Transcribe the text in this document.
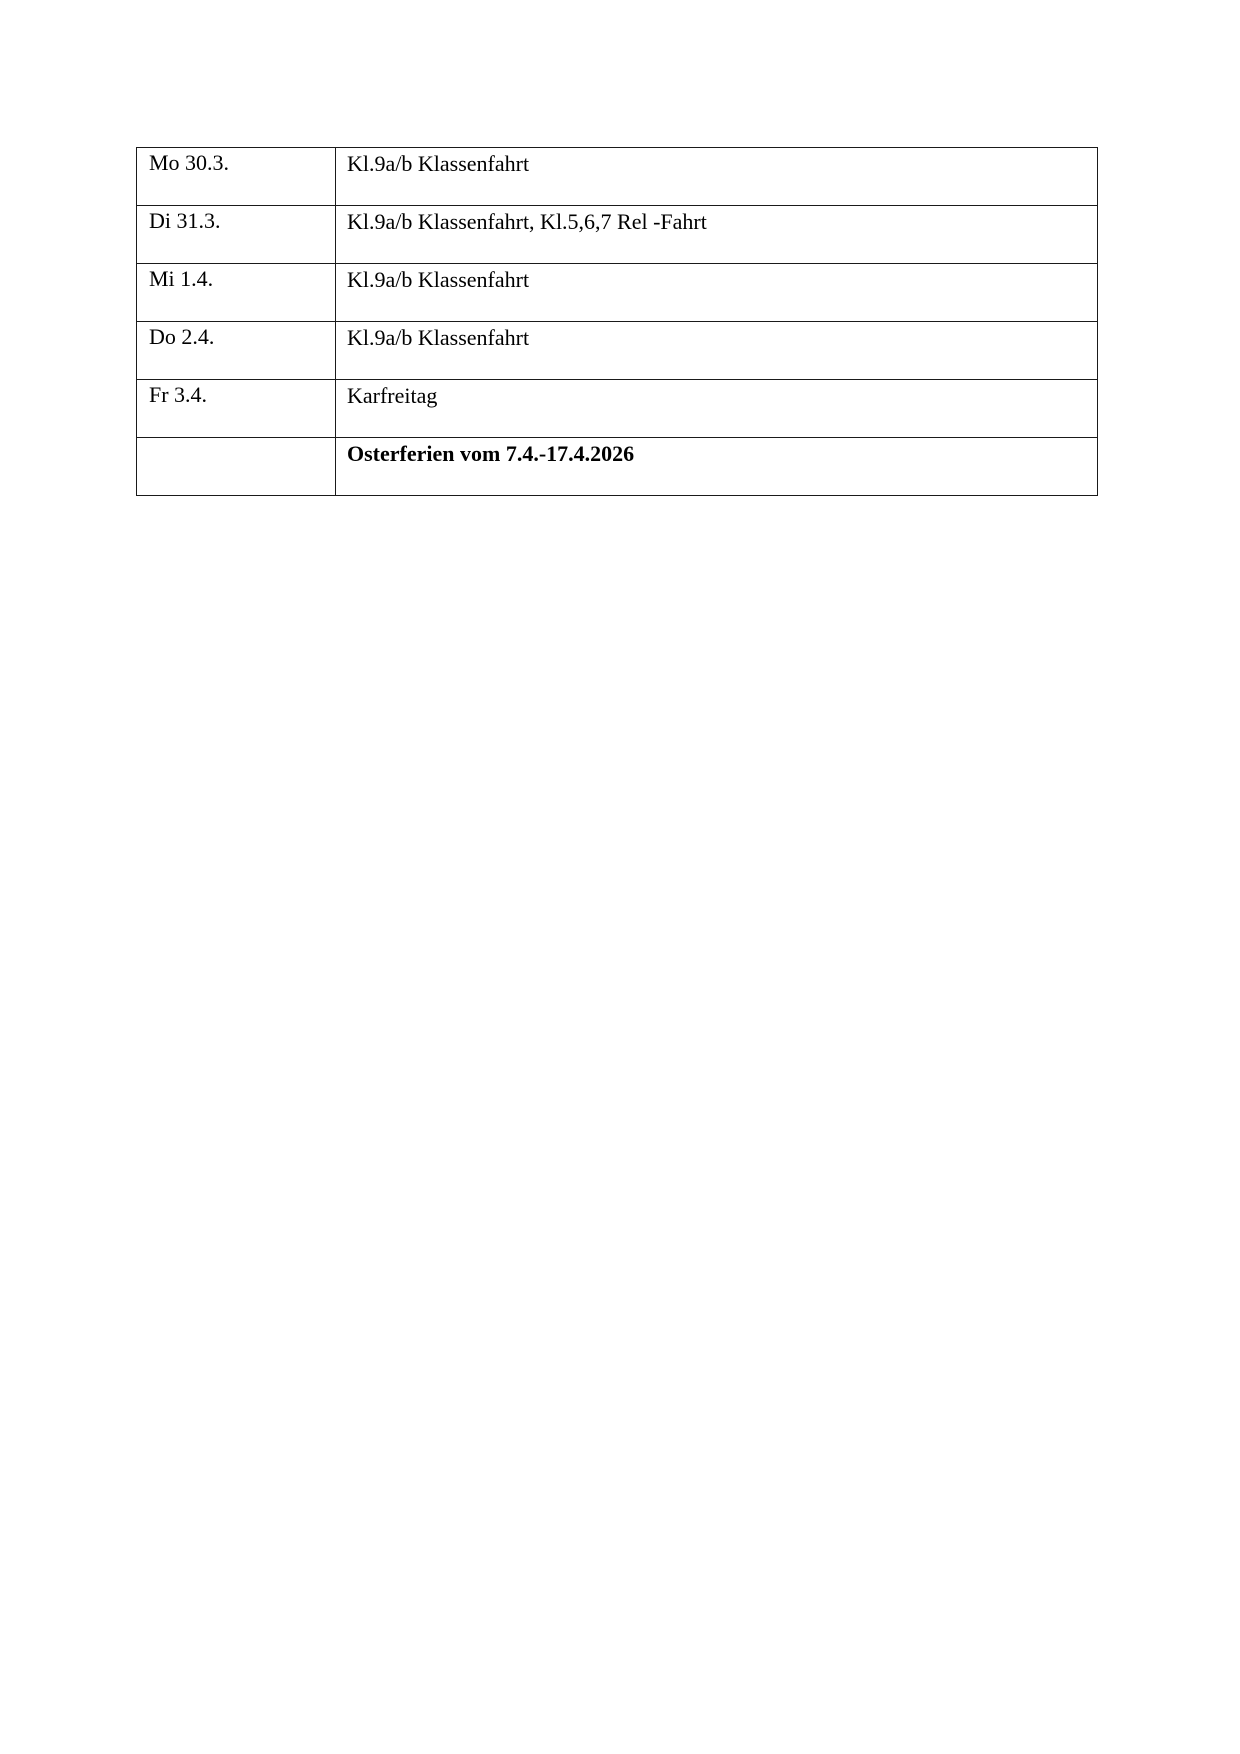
Mo 30.3.	Kl.9a/b Klassenfahrt
Di 31.3.	Kl.9a/b Klassenfahrt, Kl.5,6,7 Rel -Fahrt
Mi 1.4.	Kl.9a/b Klassenfahrt
Do 2.4.	Kl.9a/b Klassenfahrt
Fr 3.4.	Karfreitag
	Osterferien vom 7.4.-17.4.2026
